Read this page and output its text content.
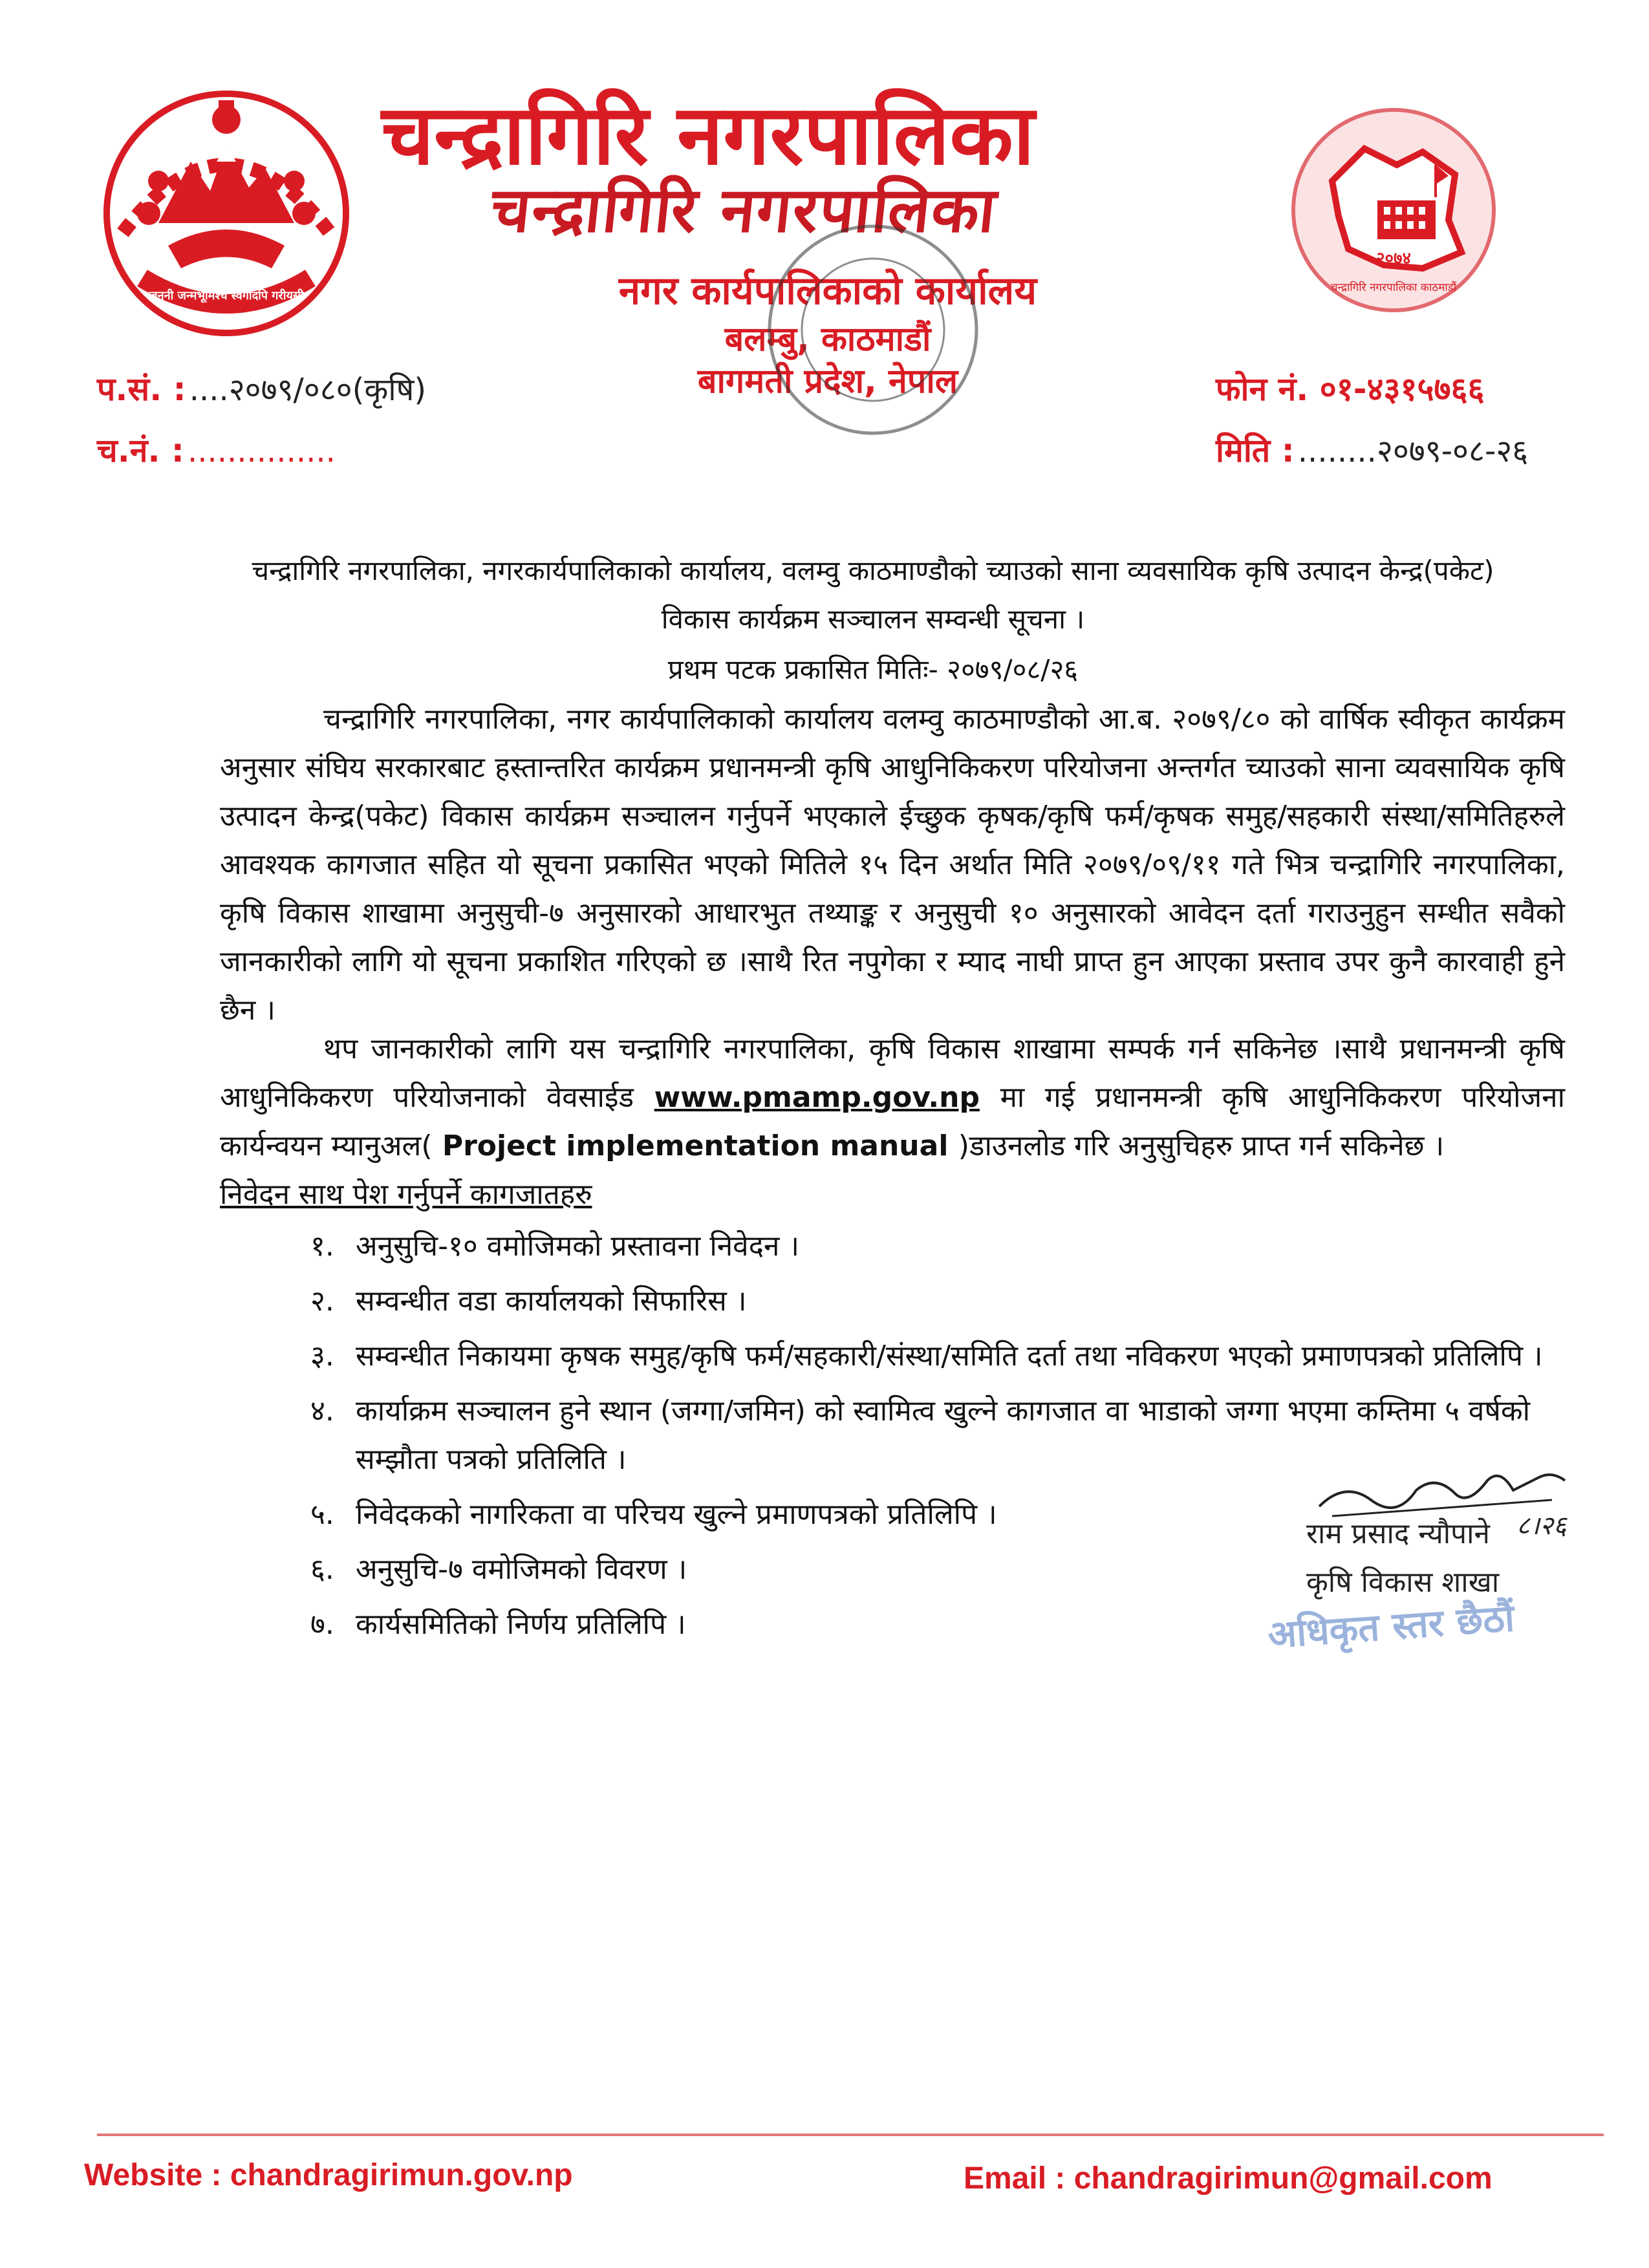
जननी जन्मभूमिश्च स्वर्गादपि गरीयसी
चन्द्रागिरि नगरपालिका
चन्द्रागिरि नगरपालिका
नगर कार्यपालिकाको कार्यालय
बलम्बु, काठमाडौं
बागमती प्रदेश, नेपाल
२०७४
चन्द्रागिरि नगरपालिका काठमाडौं
प.सं. : ....२०७९/०८०(कृषि)
च.नं. : ...............
फोन नं. ०१-४३१५७६६
मिति : ........२०७९-०८-२६
चन्द्रागिरि नगरपालिका, नगरकार्यपालिकाको कार्यालय, वलम्वु काठमाण्डौको च्याउको साना व्यवसायिक कृषि उत्पादन केन्द्र(पकेट)
विकास कार्यक्रम सञ्चालन सम्वन्धी सूचना ।
प्रथम पटक प्रकासित मितिः- २०७९/०८/२६
चन्द्रागिरि नगरपालिका, नगर कार्यपालिकाको कार्यालय वलम्वु काठमाण्डौको आ.ब. २०७९/८० को वार्षिक स्वीकृत कार्यक्रम अनुसार संघिय सरकारबाट हस्तान्तरित कार्यक्रम प्रधानमन्त्री कृषि आधुनिकिकरण परियोजना अन्तर्गत च्याउको साना व्यवसायिक कृषि उत्पादन केन्द्र(पकेट) विकास कार्यक्रम सञ्चालन गर्नुपर्ने भएकाले ईच्छुक कृषक/कृषि फर्म/कृषक समुह/सहकारी संस्था/समितिहरुले आवश्यक कागजात सहित यो सूचना प्रकासित भएको मितिले १५ दिन अर्थात मिति २०७९/०९/११ गते भित्र चन्द्रागिरि नगरपालिका, कृषि विकास शाखामा अनुसुची-७ अनुसारको आधारभुत तथ्याङ्क र अनुसुची १० अनुसारको आवेदन दर्ता गराउनुहुन सम्धीत सवैको जानकारीको लागि यो सूचना प्रकाशित गरिएको छ ।साथै रित नपुगेका र म्याद नाघी प्राप्त हुन आएका प्रस्ताव उपर कुनै कारवाही हुने छैन ।
थप जानकारीको लागि यस चन्द्रागिरि नगरपालिका, कृषि विकास शाखामा सम्पर्क गर्न सकिनेछ ।साथै प्रधानमन्त्री कृषि आधुनिकिकरण परियोजनाको वेवसाईड www.pmamp.gov.np मा गई प्रधानमन्त्री कृषि आधुनिकिकरण परियोजना कार्यन्वयन म्यानुअल( Project implementation manual )डाउनलोड गरि अनुसुचिहरु प्राप्त गर्न सकिनेछ ।
निवेदन साथ पेश गर्नुपर्ने कागजातहरु
१. अनुसुचि-१० वमोजिमको प्रस्तावना निवेदन ।
२. सम्वन्धीत वडा कार्यालयको सिफारिस ।
३. सम्वन्धीत निकायमा कृषक समुह/कृषि फर्म/सहकारी/संस्था/समिति दर्ता तथा नविकरण भएको प्रमाणपत्रको प्रतिलिपि ।
४. कार्याक्रम सञ्चालन हुने स्थान (जग्गा/जमिन) को स्वामित्व खुल्ने कागजात वा भाडाको जग्गा भएमा कम्तिमा ५ वर्षको सम्झौता पत्रको प्रतिलिति ।
५. निवेदकको नागरिकता वा परिचय खुल्ने प्रमाणपत्रको प्रतिलिपि ।
६. अनुसुचि-७ वमोजिमको विवरण ।
७. कार्यसमितिको निर्णय प्रतिलिपि ।
राम प्रसाद न्यौपाने	८।२६
कृषि विकास शाखा
अधिकृत स्तर छैठौं
Website : chandragirimun.gov.np	Email : chandragirimun@gmail.com
